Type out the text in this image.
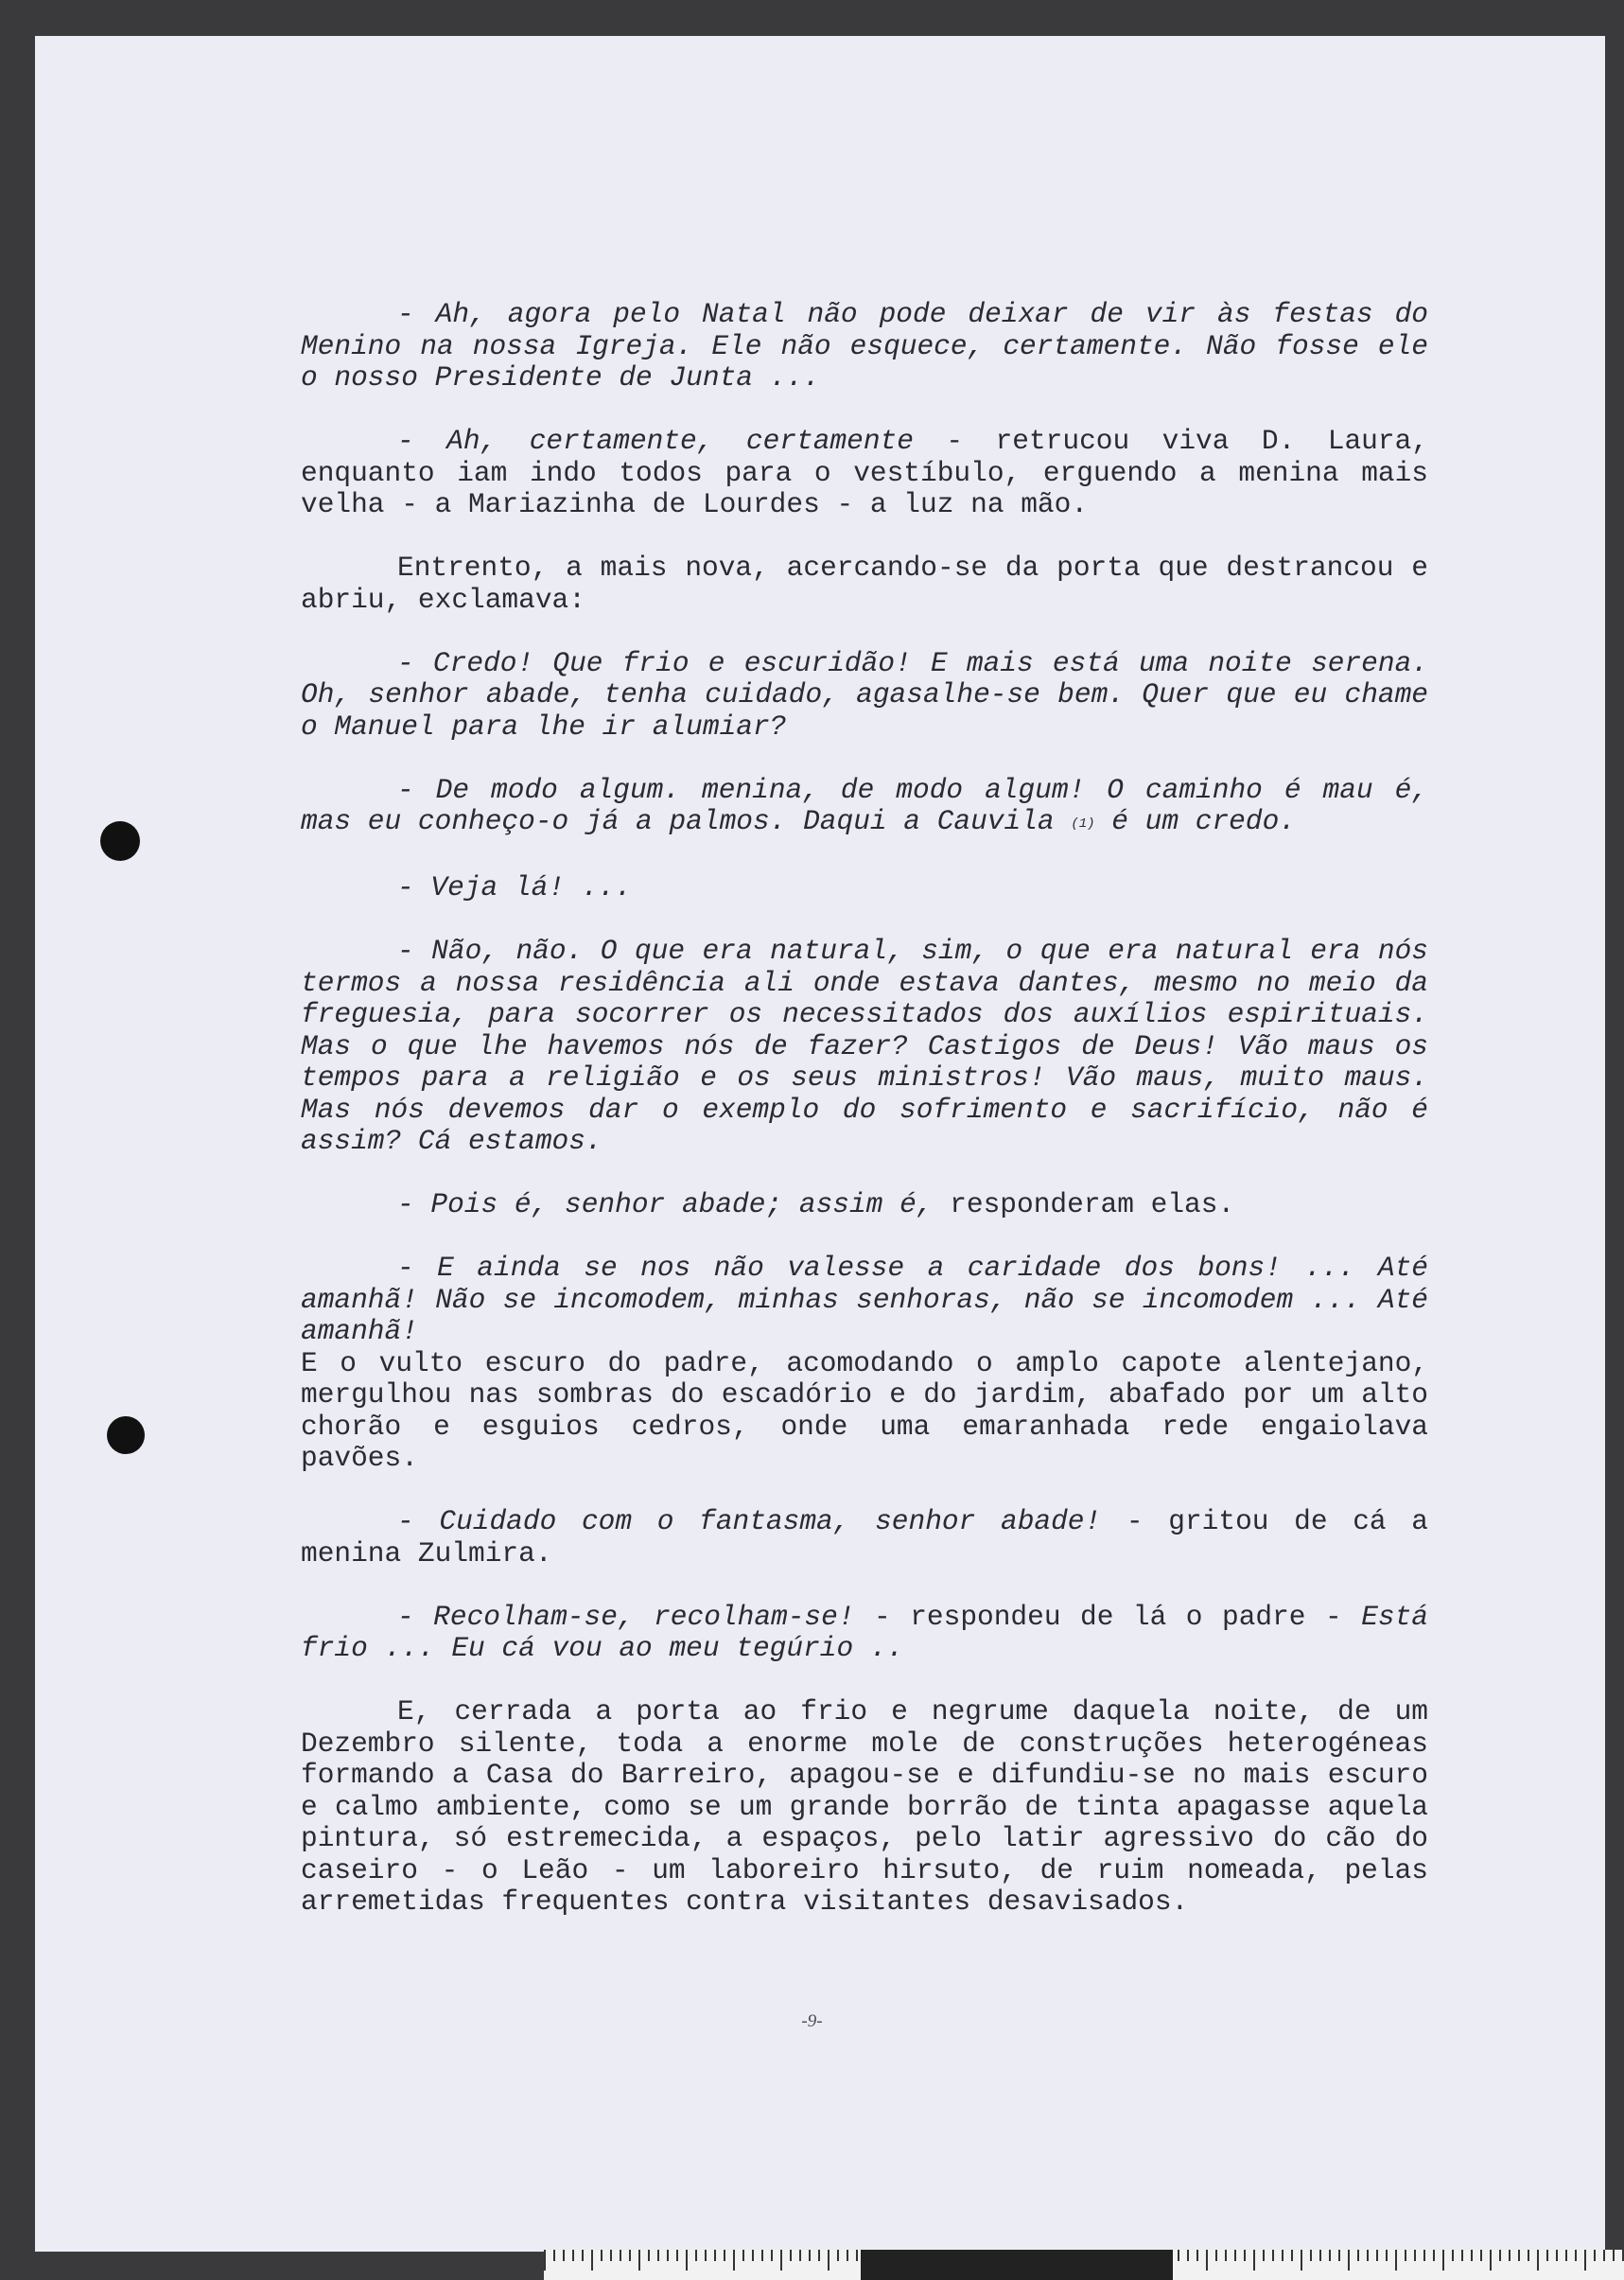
- Ah, agora pelo Natal não pode deixar de vir às festas do Menino na nossa Igreja. Ele não esquece, certamente. Não fosse ele o nosso Presidente de Junta ...

- Ah, certamente, certamente - retrucou viva D. Laura, enquanto iam indo todos para o vestíbulo, erguendo a menina mais velha - a Mariazinha de Lourdes - a luz na mão.

Entrento, a mais nova, acercando-se da porta que destrancou e abriu, exclamava:

- Credo! Que frio e escuridão! E mais está uma noite serena. Oh, senhor abade, tenha cuidado, agasalhe-se bem. Quer que eu chame o Manuel para lhe ir alumiar?

- De modo algum. menina, de modo algum! O caminho é mau é, mas eu conheço-o já a palmos. Daqui a Cauvila (1) é um credo.

- Veja lá! ...

- Não, não. O que era natural, sim, o que era natural era nós termos a nossa residência ali onde estava dantes, mesmo no meio da freguesia, para socorrer os necessitados dos auxílios espirituais. Mas o que lhe havemos nós de fazer? Castigos de Deus! Vão maus os tempos para a religião e os seus ministros! Vão maus, muito maus. Mas nós devemos dar o exemplo do sofrimento e sacrifício, não é assim? Cá estamos.

- Pois é, senhor abade; assim é, responderam elas.

- E ainda se nos não valesse a caridade dos bons! ... Até amanhã! Não se incomodem, minhas senhoras, não se incomodem ... Até amanhã!

E o vulto escuro do padre, acomodando o amplo capote alentejano, mergulhou nas sombras do escadório e do jardim, abafado por um alto chorão e esguios cedros, onde uma emaranhada rede engaiolava pavões.

- Cuidado com o fantasma, senhor abade! - gritou de cá a menina Zulmira.

- Recolham-se, recolham-se! - respondeu de lá o padre - Está frio ... Eu cá vou ao meu tegúrio ..

E, cerrada a porta ao frio e negrume daquela noite, de um Dezembro silente, toda a enorme mole de construções heterogéneas formando a Casa do Barreiro, apagou-se e difundiu-se no mais escuro e calmo ambiente, como se um grande borrão de tinta apagasse aquela pintura, só estremecida, a espaços, pelo latir agressivo do cão do caseiro - o Leão - um laboreiro hirsuto, de ruim nomeada, pelas arremetidas frequentes contra visitantes desavisados.

-9-
